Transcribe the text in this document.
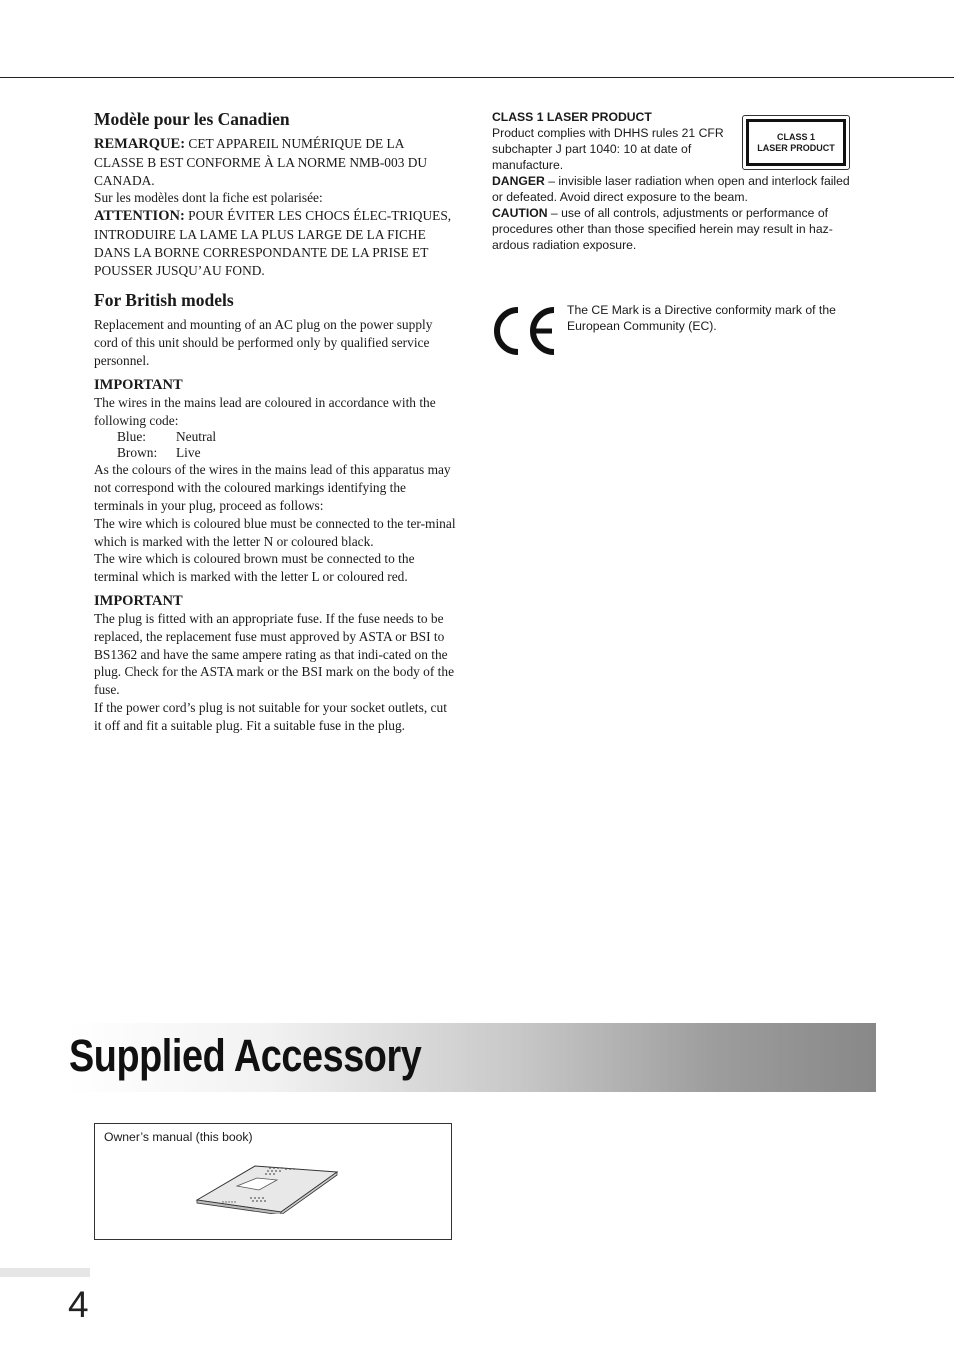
Modèle pour les Canadien

REMARQUE: CET APPAREIL NUMÉRIQUE DE LA CLASSE B EST CONFORME À LA NORME NMB-003 DU CANADA.

Sur les modèles dont la fiche est polarisée:

ATTENTION: POUR ÉVITER LES CHOCS ÉLEC-TRIQUES, INTRODUIRE LA LAME LA PLUS LARGE DE LA FICHE DANS LA BORNE CORRESPONDANTE DE LA PRISE ET POUSSER JUSQU’AU FOND.

For British models

Replacement and mounting of an AC plug on the power supply cord of this unit should be performed only by qualified service personnel.

IMPORTANT

The wires in the mains lead are coloured in accordance with the following code:

Blue:	Neutral
Brown:	Live

As the colours of the wires in the mains lead of this apparatus may not correspond with the coloured markings identifying the terminals in your plug, proceed as follows:

The wire which is coloured blue must be connected to the ter-minal which is marked with the letter N or coloured black.

The wire which is coloured brown must be connected to the terminal which is marked with the letter L or coloured red.

IMPORTANT

The plug is fitted with an appropriate fuse. If the fuse needs to be replaced, the replacement fuse must approved by ASTA or BSI to BS1362 and have the same ampere rating as that indi-cated on the plug. Check for the ASTA mark or the BSI mark on the body of the fuse.

If the power cord’s plug is not suitable for your socket outlets, cut it off and fit a suitable plug. Fit a suitable fuse in the plug.

CLASS 1 LASER PRODUCT

Product complies with DHHS rules 21 CFR subchapter J part 1040: 10 at date of manufacture.

DANGER – invisible laser radiation when open and interlock failed or defeated. Avoid direct exposure to the beam.

CAUTION – use of all controls, adjustments or performance of procedures other than those specified herein may result in haz-ardous radiation exposure.

CLASS 1
LASER PRODUCT
The CE Mark is a Directive conformity mark of the European Community (EC).
Supplied Accessory
Owner’s manual (this book)
4
